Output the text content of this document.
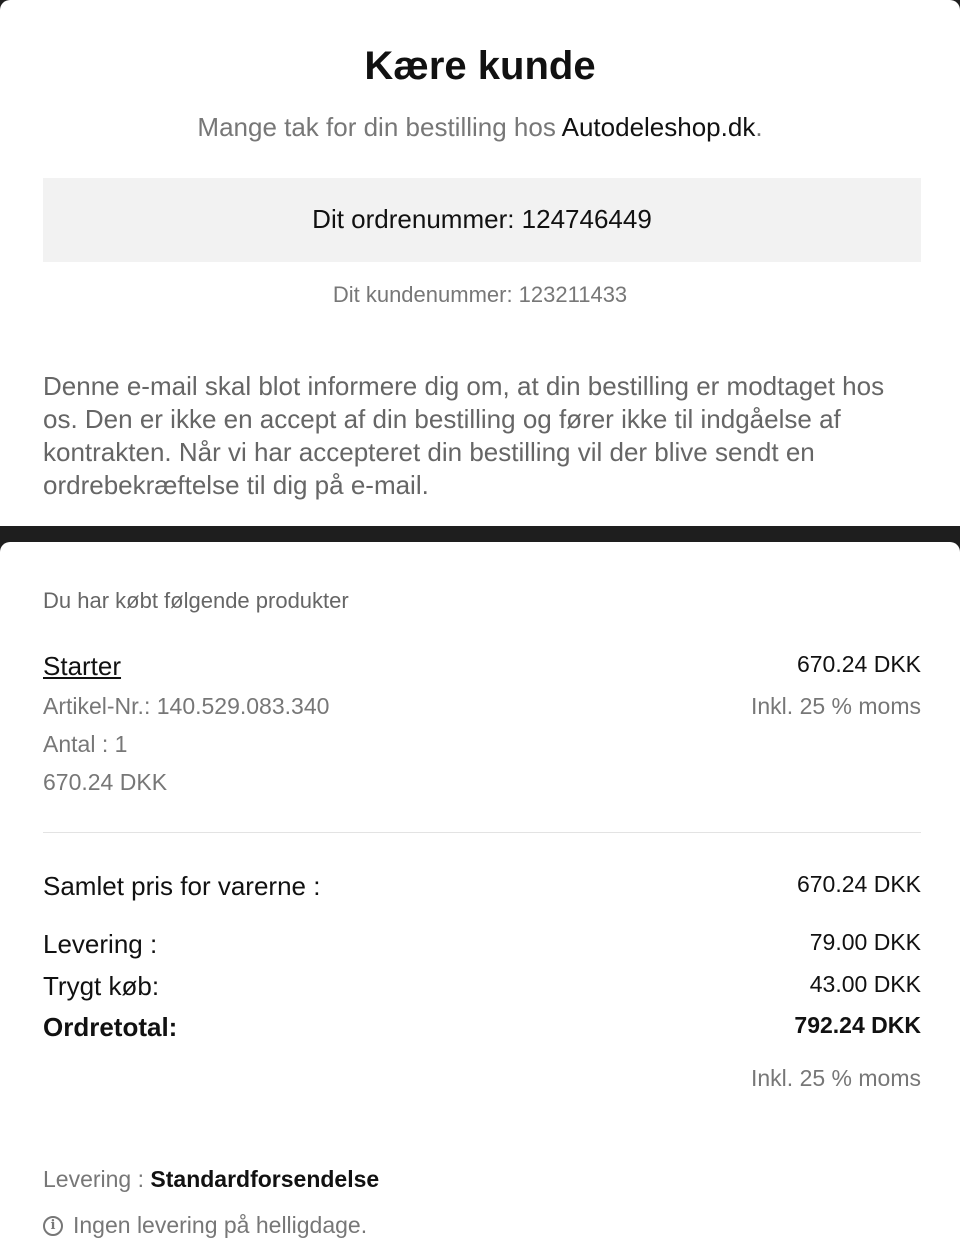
Kære kunde
Mange tak for din bestilling hos Autodeleshop.dk.
Dit ordrenummer: 124746449
Dit kundenummer: 123211433
Denne e-mail skal blot informere dig om, at din bestilling er modtaget hos os. Den er ikke en accept af din bestilling og fører ikke til indgåelse af kontrakten. Når vi har accepteret din bestilling vil der blive sendt en ordrebekræftelse til dig på e-mail.
Du har købt følgende produkter
Starter	670.24 DKK
Artikel-Nr.: 140.529.083.340	Inkl. 25 % moms
Antal : 1
670.24 DKK
Samlet pris for varerne :	670.24 DKK
Levering :	79.00 DKK
Trygt køb:	43.00 DKK
Ordretotal:	792.24 DKK
Inkl. 25 % moms
Levering : Standardforsendelse
i Ingen levering på helligdage.
